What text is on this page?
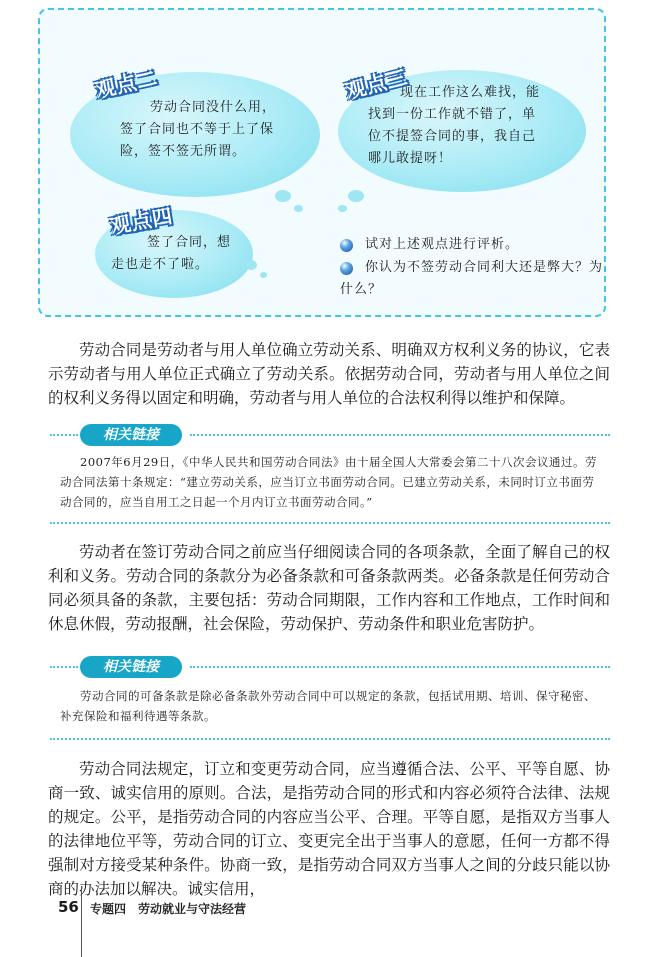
劳动合同没什么用，
签了合同也不等于上了保
险，签不签无所谓。
观点二	现在工作这么难找，能
找到一份工作就不错了，单
位不提签合同的事，我自己
哪儿敢提呀！
观点三
签了合同，想
走也走不了啦。
观点四
试对上述观点进行评析。
你认为不签劳动合同利大还是弊大？为
什么？

劳动合同是劳动者与用人单位确立劳动关系、明确双方权利义务的协议，它表示劳动者与用人单位正式确立了劳动关系。依据劳动合同，劳动者与用人单位之间的权利义务得以固定和明确，劳动者与用人单位的合法权利得以维护和保障。

相关链接

2007年6月29日，《中华人民共和国劳动合同法》由十届全国人大常委会第二十八次会议通过。劳动合同法第十条规定：“建立劳动关系，应当订立书面劳动合同。已建立劳动关系，未同时订立书面劳动合同的，应当自用工之日起一个月内订立书面劳动合同。”

劳动者在签订劳动合同之前应当仔细阅读合同的各项条款，全面了解自己的权利和义务。劳动合同的条款分为必备条款和可备条款两类。必备条款是任何劳动合同必须具备的条款，主要包括：劳动合同期限，工作内容和工作地点，工作时间和休息休假，劳动报酬，社会保险，劳动保护、劳动条件和职业危害防护。

相关链接

劳动合同的可备条款是除必备条款外劳动合同中可以规定的条款，包括试用期、培训、保守秘密、补充保险和福利待遇等条款。

劳动合同法规定，订立和变更劳动合同，应当遵循合法、公平、平等自愿、协商一致、诚实信用的原则。合法，是指劳动合同的形式和内容必须符合法律、法规的规定。公平，是指劳动合同的内容应当公平、合理。平等自愿，是指双方当事人的法律地位平等，劳动合同的订立、变更完全出于当事人的意愿，任何一方都不得强制对方接受某种条件。协商一致，是指劳动合同双方当事人之间的分歧只能以协商的办法加以解决。诚实信用，

56 专题四　劳动就业与守法经营
